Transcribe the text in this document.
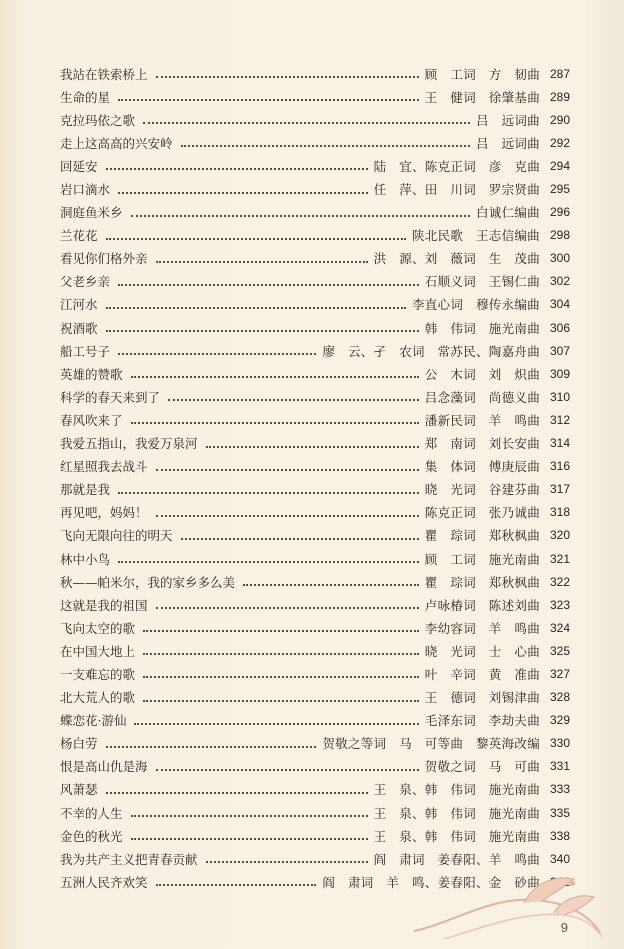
我站在铁索桥上	顾　工词　方　韧曲 287
生命的星	王　健词　徐肇基曲 289
克拉玛依之歌	吕　远词曲 290
走上这高高的兴安岭	吕　远词曲 292
回延安	陆　宜、陈克正词　彦　克曲 294
岩口滴水	任　萍、田　川词　罗宗贤曲 295
洞庭鱼米乡	白诚仁编曲 296
兰花花	陕北民歌　王志信编曲 298
看见你们格外亲	洪　源、刘　薇词　生　茂曲 300
父老乡亲	石顺义词　王锡仁曲 302
江河水	李直心词　穆传永编曲 304
祝酒歌	韩　伟词　施光南曲 306
船工号子	廖　云、孑　农词　常苏民、陶嘉舟曲 307
英雄的赞歌	公　木词　刘　炽曲 309
科学的春天来到了	吕念藻词　尚德义曲 310
春风吹来了	潘新民词　羊　鸣曲 312
我爱五指山，我爱万泉河	郑　南词　刘长安曲 314
红星照我去战斗	集　体词　傅庚辰曲 316
那就是我	晓　光词　谷建芬曲 317
再见吧，妈妈！	陈克正词　张乃诚曲 318
飞向无限向往的明天	瞿　琮词　郑秋枫曲 320
林中小鸟	顾　工词　施光南曲 321
秋——帕米尔，我的家乡多么美	瞿　琮词　郑秋枫曲 322
这就是我的祖国	卢咏椿词　陈述刘曲 323
飞向太空的歌	李幼容词　羊　鸣曲 324
在中国大地上	晓　光词　士　心曲 325
一支难忘的歌	叶　辛词　黄　准曲 327
北大荒人的歌	王　德词　刘锡津曲 328
蝶恋花·游仙	毛泽东词　李劫夫曲 329
杨白劳	贺敬之等词　马　可等曲　黎英海改编 330
恨是高山仇是海	贺敬之词　马　可曲 331
风萧瑟	王　泉、韩　伟词　施光南曲 333
不幸的人生	王　泉、韩　伟词　施光南曲 335
金色的秋光	王　泉、韩　伟词　施光南曲 338
我为共产主义把青春贡献	阎　肃词　姜春阳、羊　鸣曲 340
五洲人民齐欢笑	阎　肃词　羊　鸣、姜春阳、金　砂曲
9
